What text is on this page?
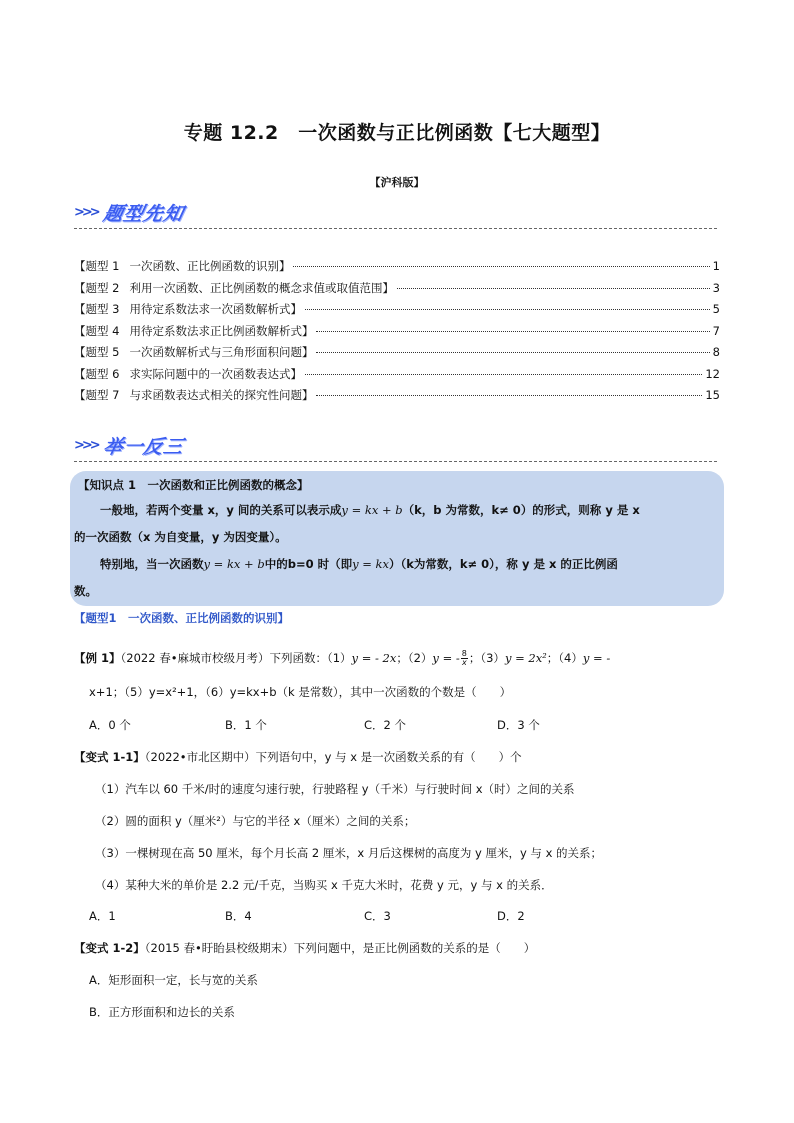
专题 12.2　一次函数与正比例函数【七大题型】
【沪科版】
>>> 题型先知
【题型 1 一次函数、正比例函数的识别】	1
【题型 2 利用一次函数、正比例函数的概念求值或取值范围】	3
【题型 3 用待定系数法求一次函数解析式】	5
【题型 4 用待定系数法求正比例函数解析式】	7
【题型 5 一次函数解析式与三角形面积问题】	8
【题型 6 求实际问题中的一次函数表达式】	12
【题型 7 与求函数表达式相关的探究性问题】	15
>>> 举一反三
【知识点 1　一次函数和正比例函数的概念】

一般地，若两个变量 x，y 间的关系可以表示成y = kx + b（k，b 为常数，k≠ 0）的形式，则称 y 是 x

的一次函数（x 为自变量，y 为因变量）。

特别地，当一次函数y = kx + b中的b=0 时（即y = kx）（k为常数，k≠ 0），称 y 是 x 的正比例函

数。

【题型1　一次函数、正比例函数的识别】
【例 1】（2022 春•麻城市校级月考）下列函数：（1）y = - 2x；（2）y = - $\frac{8}{x}$ ；（3）y = 2x²；（4）y = -
x+1；（5）y=x²+1，（6）y=kx+b（k 是常数），其中一次函数的个数是（　　）
A．0 个	B．1 个	C．2 个	D．3 个
【变式 1-1】（2022•市北区期中）下列语句中，y 与 x 是一次函数关系的有（　　）个
（1）汽车以 60 千米/时的速度匀速行驶，行驶路程 y（千米）与行驶时间 x（时）之间的关系
（2）圆的面积 y（厘米²）与它的半径 x（厘米）之间的关系；
（3）一棵树现在高 50 厘米，每个月长高 2 厘米，x 月后这棵树的高度为 y 厘米，y 与 x 的关系；
（4）某种大米的单价是 2.2 元/千克，当购买 x 千克大米时，花费 y 元，y 与 x 的关系．
A．1	B．4	C．3	D．2
【变式 1-2】（2015 春•盱眙县校级期末）下列问题中，是正比例函数的关系的是（　　）
A．矩形面积一定，长与宽的关系
B．正方形面积和边长的关系
